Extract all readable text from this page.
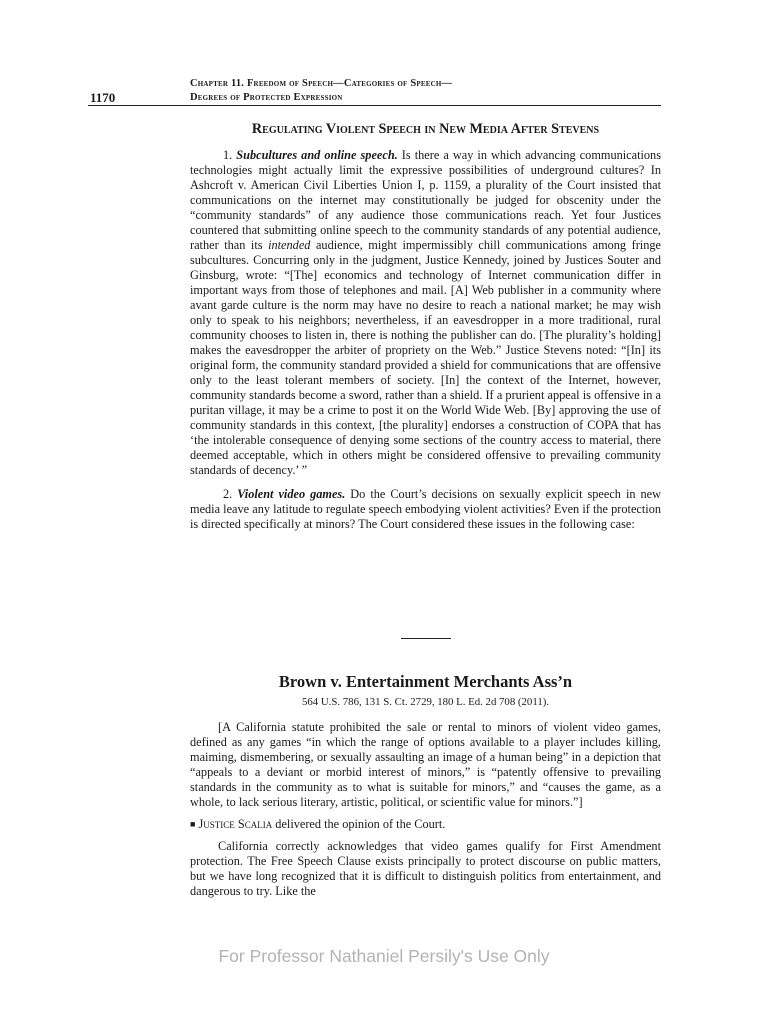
1170
Chapter 11. Freedom of Speech—Categories of Speech—
Degrees of Protected Expression
Regulating Violent Speech in New Media After Stevens

1. Subcultures and online speech. Is there a way in which advancing communications technologies might actually limit the expressive possibilities of underground cultures? In Ashcroft v. American Civil Liberties Union I, p. 1159, a plurality of the Court insisted that communications on the internet may constitutionally be judged for obscenity under the “community standards” of any audience those communications reach. Yet four Justices countered that submitting online speech to the community standards of any potential audience, rather than its intended audience, might impermissibly chill communications among fringe subcultures. Concurring only in the judgment, Justice Kennedy, joined by Justices Souter and Ginsburg, wrote: “[The] economics and technology of Internet communication differ in important ways from those of telephones and mail. [A] Web publisher in a community where avant garde culture is the norm may have no desire to reach a national market; he may wish only to speak to his neighbors; nevertheless, if an eavesdropper in a more traditional, rural community chooses to listen in, there is nothing the publisher can do. [The plurality’s holding] makes the eavesdropper the arbiter of propriety on the Web.” Justice Stevens noted: “[In] its original form, the community standard provided a shield for communications that are offensive only to the least tolerant members of society. [In] the context of the Internet, however, community standards become a sword, rather than a shield. If a prurient appeal is offensive in a puritan village, it may be a crime to post it on the World Wide Web. [By] approving the use of community standards in this context, [the plurality] endorses a construction of COPA that has ‘the intolerable consequence of denying some sections of the country access to material, there deemed acceptable, which in others might be considered offensive to prevailing community standards of decency.’ ”

2. Violent video games. Do the Court’s decisions on sexually explicit speech in new media leave any latitude to regulate speech embodying violent activities? Even if the protection is directed specifically at minors? The Court considered these issues in the following case:

Brown v. Entertainment Merchants Ass’n
564 U.S. 786, 131 S. Ct. 2729, 180 L. Ed. 2d 708 (2011).

[A California statute prohibited the sale or rental to minors of violent video games, defined as any games “in which the range of options available to a player includes killing, maiming, dismembering, or sexually assaulting an image of a human being” in a depiction that “appeals to a deviant or morbid interest of minors,” is “patently offensive to prevailing standards in the community as to what is suitable for minors,” and “causes the game, as a whole, to lack serious literary, artistic, political, or scientific value for minors.”]

■ Justice Scalia delivered the opinion of the Court.

California correctly acknowledges that video games qualify for First Amendment protection. The Free Speech Clause exists principally to protect discourse on public matters, but we have long recognized that it is difficult to distinguish politics from entertainment, and dangerous to try. Like the

For Professor Nathaniel Persily's Use Only
